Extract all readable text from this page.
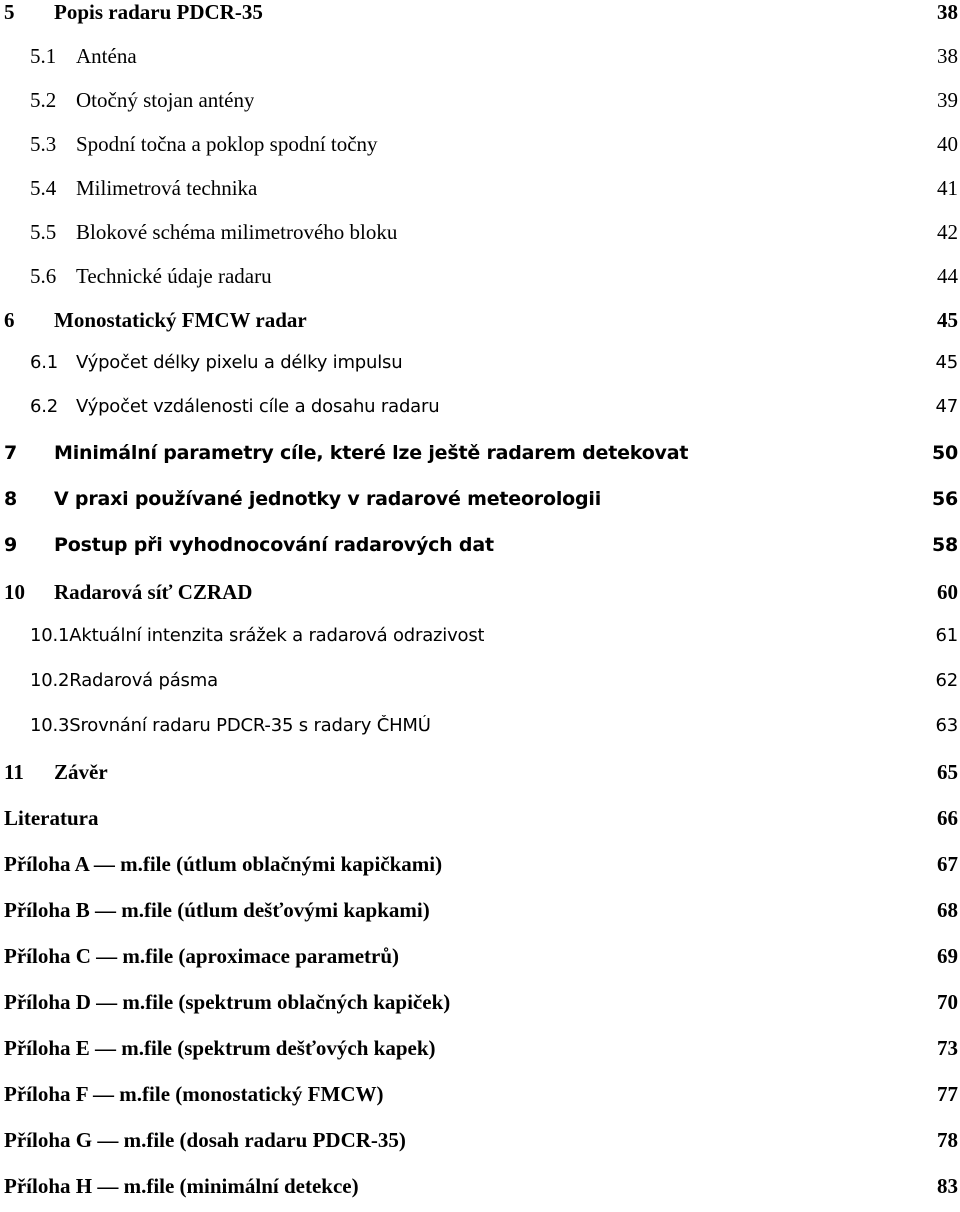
5	Popis radaru PDCR-35	38
5.1 Anténa	38
5.2 Otočný stojan antény	39
5.3 Spodní točna a poklop spodní točny	40
5.4 Milimetrová technika	41
5.5 Blokové schéma milimetrového bloku	42
5.6 Technické údaje radaru	44
6	Monostatický FMCW radar	45
6.1 Výpočet délky pixelu a délky impulsu	45
6.2 Výpočet vzdálenosti cíle a dosahu radaru	47
7	Minimální parametry cíle, které lze ještě radarem detekovat	50
8	V praxi používané jednotky v radarové meteorologii	56
9	Postup při vyhodnocování radarových dat	58
10	Radarová síť CZRAD	60
10.1 Aktuální intenzita srážek a radarová odrazivost	61
10.2 Radarová pásma	62
10.3 Srovnání radaru PDCR-35 s radary ČHMÚ	63
11	Závěr	65
Literatura	66
Příloha A — m.file (útlum oblačnými kapičkami)	67
Příloha B — m.file (útlum dešťovými kapkami)	68
Příloha C — m.file (aproximace parametrů)	69
Příloha D — m.file (spektrum oblačných kapiček)	70
Příloha E — m.file (spektrum dešťových kapek)	73
Příloha F — m.file (monostatický FMCW)	77
Příloha G — m.file (dosah radaru PDCR-35)	78
Příloha H — m.file (minimální detekce)	83
